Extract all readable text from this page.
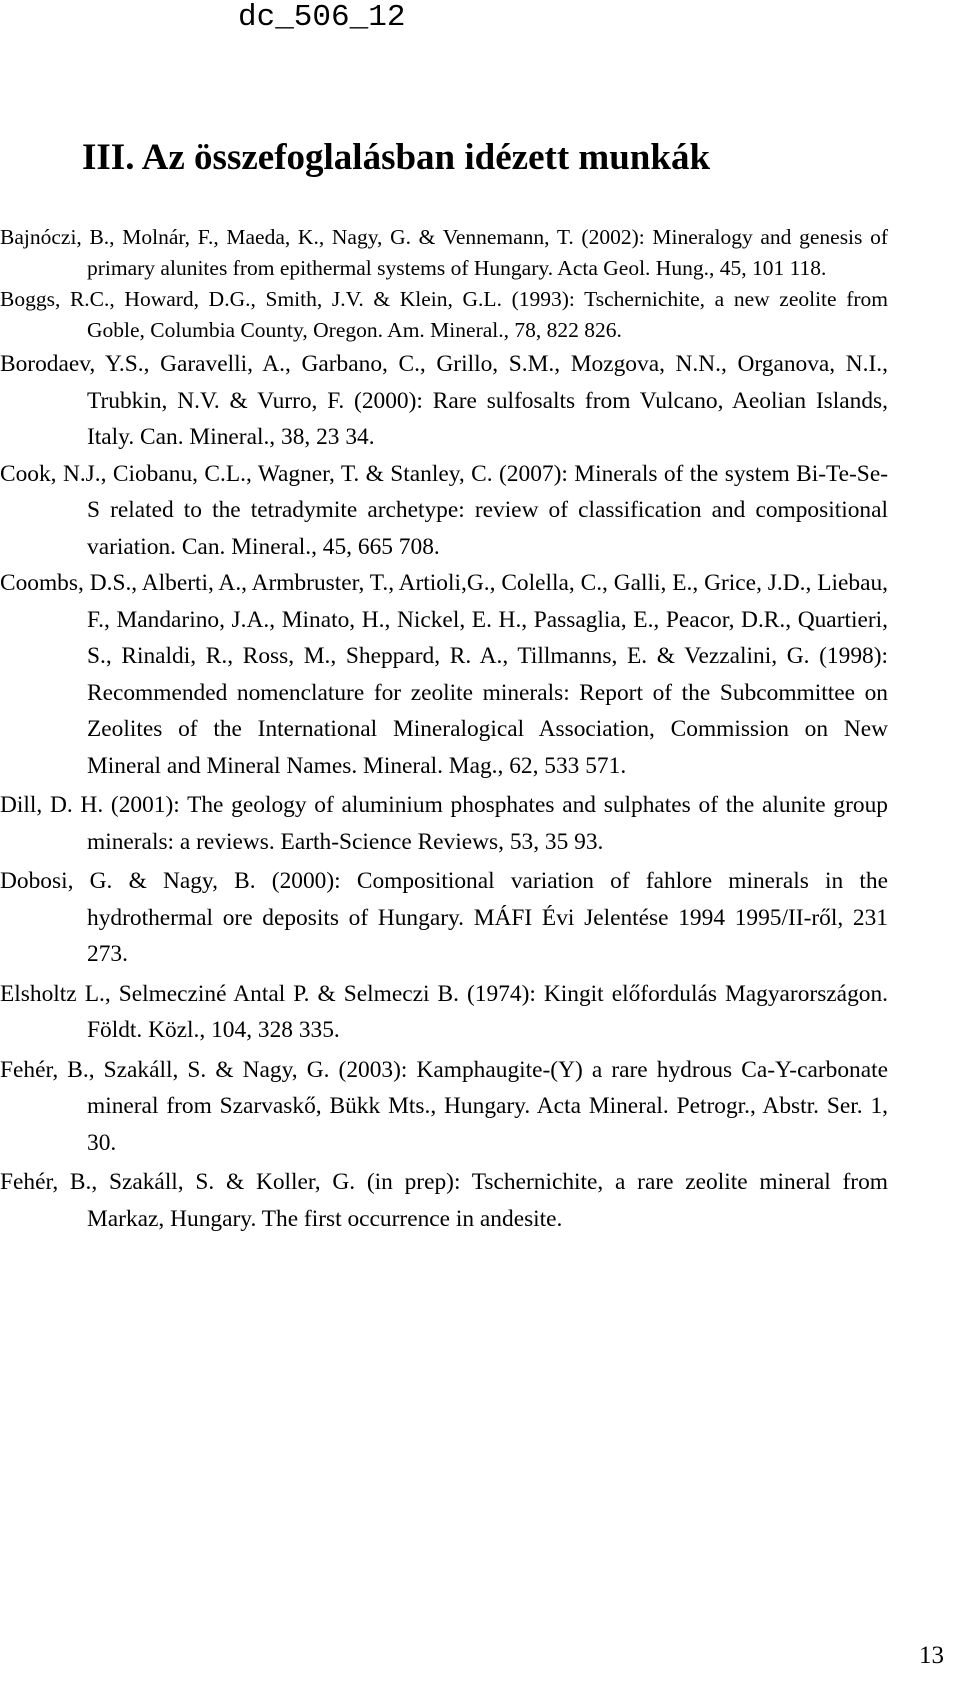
dc_506_12
III. Az összefoglalásban idézett munkák
Bajnóczi, B., Molnár, F., Maeda, K., Nagy, G. & Vennemann, T. (2002): Mineralogy and genesis of primary alunites from epithermal systems of Hungary. Acta Geol. Hung., 45, 101 118.
Boggs, R.C., Howard, D.G., Smith, J.V. & Klein, G.L. (1993): Tschernichite, a new zeolite from Goble, Columbia County, Oregon. Am. Mineral., 78, 822 826.
Borodaev, Y.S., Garavelli, A., Garbano, C., Grillo, S.M., Mozgova, N.N., Organova, N.I., Trubkin, N.V. & Vurro, F. (2000): Rare sulfosalts from Vulcano, Aeolian Islands, Italy. Can. Mineral., 38, 23 34.
Cook, N.J., Ciobanu, C.L., Wagner, T. & Stanley, C. (2007): Minerals of the system Bi-Te-Se-S related to the tetradymite archetype: review of classification and compositional variation. Can. Mineral., 45, 665 708.
Coombs, D.S., Alberti, A., Armbruster, T., Artioli,G., Colella, C., Galli, E., Grice, J.D., Liebau, F., Mandarino, J.A., Minato, H., Nickel, E. H., Passaglia, E., Peacor, D.R., Quartieri, S., Rinaldi, R., Ross, M., Sheppard, R. A., Tillmanns, E. & Vezzalini, G. (1998): Recommended nomenclature for zeolite minerals: Report of the Subcommittee on Zeolites of the International Mineralogical Association, Commission on New Mineral and Mineral Names. Mineral. Mag., 62, 533 571.
Dill, D. H. (2001): The geology of aluminium phosphates and sulphates of the alunite group minerals: a reviews. Earth-Science Reviews, 53, 35 93.
Dobosi, G. & Nagy, B. (2000): Compositional variation of fahlore minerals in the hydrothermal ore deposits of Hungary. MÁFI Évi Jelentése 1994 1995/II-ről, 231 273.
Elsholtz L., Selmecziné Antal P. & Selmeczi B. (1974): Kingit előfordulás Magyarországon. Földt. Közl., 104, 328 335.
Fehér, B., Szakáll, S. & Nagy, G. (2003): Kamphaugite-(Y) a rare hydrous Ca-Y-carbonate mineral from Szarvaskő, Bükk Mts., Hungary. Acta Mineral. Petrogr., Abstr. Ser. 1, 30.
Fehér, B., Szakáll, S. & Koller, G. (in prep): Tschernichite, a rare zeolite mineral from Markaz, Hungary. The first occurrence in andesite.
13
